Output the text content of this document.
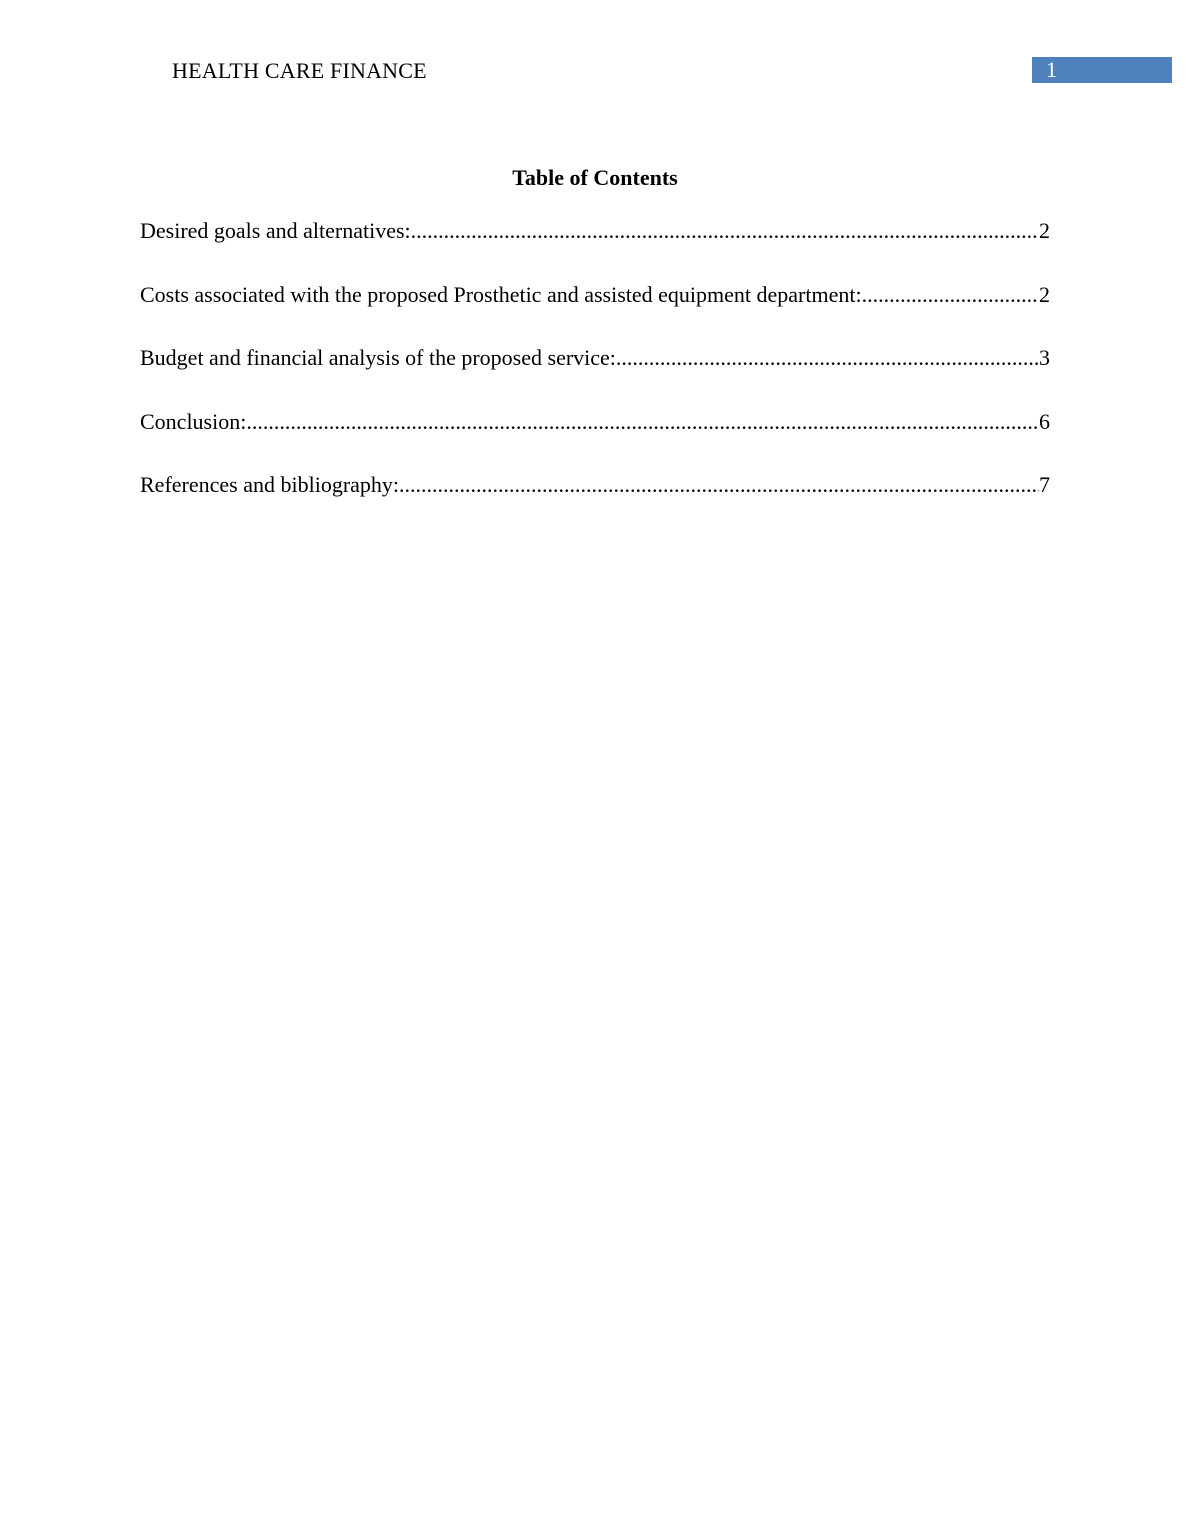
HEALTH CARE FINANCE	1
Table of Contents
Desired goals and alternatives: .....	2
Costs associated with the proposed Prosthetic and assisted equipment department: .....	2
Budget and financial analysis of the proposed service: .....	3
Conclusion: .....	6
References and bibliography: .....	7
